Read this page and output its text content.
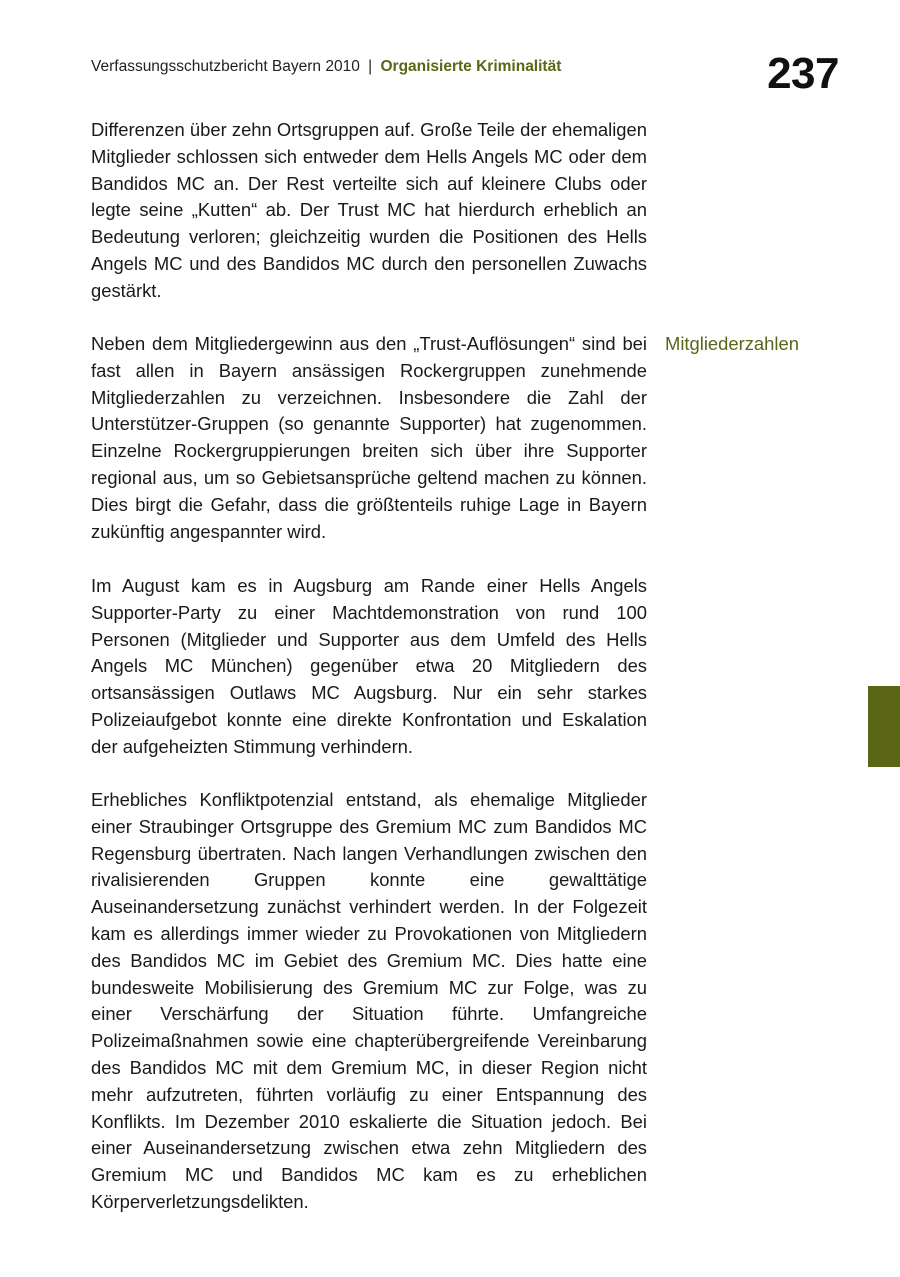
Verfassungsschutzbericht Bayern 2010 | Organisierte Kriminalität	237

Differenzen über zehn Ortsgruppen auf. Große Teile der ehemaligen Mitglieder schlossen sich entweder dem Hells Angels MC oder dem Bandidos MC an. Der Rest verteilte sich auf kleinere Clubs oder legte seine „Kutten“ ab. Der Trust MC hat hierdurch erheblich an Bedeutung verloren; gleichzeitig wurden die Positionen des Hells Angels MC und des Bandidos MC durch den personellen Zuwachs gestärkt.

Neben dem Mitgliedergewinn aus den „Trust-Auflösungen“ sind bei fast allen in Bayern ansässigen Rockergruppen zunehmende Mitgliederzahlen zu verzeichnen. Insbesondere die Zahl der Unterstützer-Gruppen (so genannte Supporter) hat zugenommen. Einzelne Rockergruppierungen breiten sich über ihre Supporter regional aus, um so Gebietsansprüche geltend machen zu können. Dies birgt die Gefahr, dass die größtenteils ruhige Lage in Bayern zukünftig angespannter wird.

Im August kam es in Augsburg am Rande einer Hells Angels Supporter-Party zu einer Machtdemonstration von rund 100 Personen (Mitglieder und Supporter aus dem Umfeld des Hells Angels MC München) gegenüber etwa 20 Mitgliedern des ortsansässigen Outlaws MC Augsburg. Nur ein sehr starkes Polizeiaufgebot konnte eine direkte Konfrontation und Eskalation der aufgeheizten Stimmung verhindern.

Erhebliches Konfliktpotenzial entstand, als ehemalige Mitglieder einer Straubinger Ortsgruppe des Gremium MC zum Bandidos MC Regensburg übertraten. Nach langen Verhandlungen zwischen den rivalisierenden Gruppen konnte eine gewalttätige Auseinandersetzung zunächst verhindert werden. In der Folgezeit kam es allerdings immer wieder zu Provokationen von Mitgliedern des Bandidos MC im Gebiet des Gremium MC. Dies hatte eine bundesweite Mobilisierung des Gremium MC zur Folge, was zu einer Verschärfung der Situation führte. Umfangreiche Polizeimaßnahmen sowie eine chapterübergreifende Vereinbarung des Bandidos MC mit dem Gremium MC, in dieser Region nicht mehr aufzutreten, führten vorläufig zu einer Entspannung des Konflikts. Im Dezember 2010 eskalierte die Situation jedoch. Bei einer Auseinandersetzung zwischen etwa zehn Mitgliedern des Gremium MC und Bandidos MC kam es zu erheblichen Körperverletzungsdelikten.

Mitgliederzahlen
